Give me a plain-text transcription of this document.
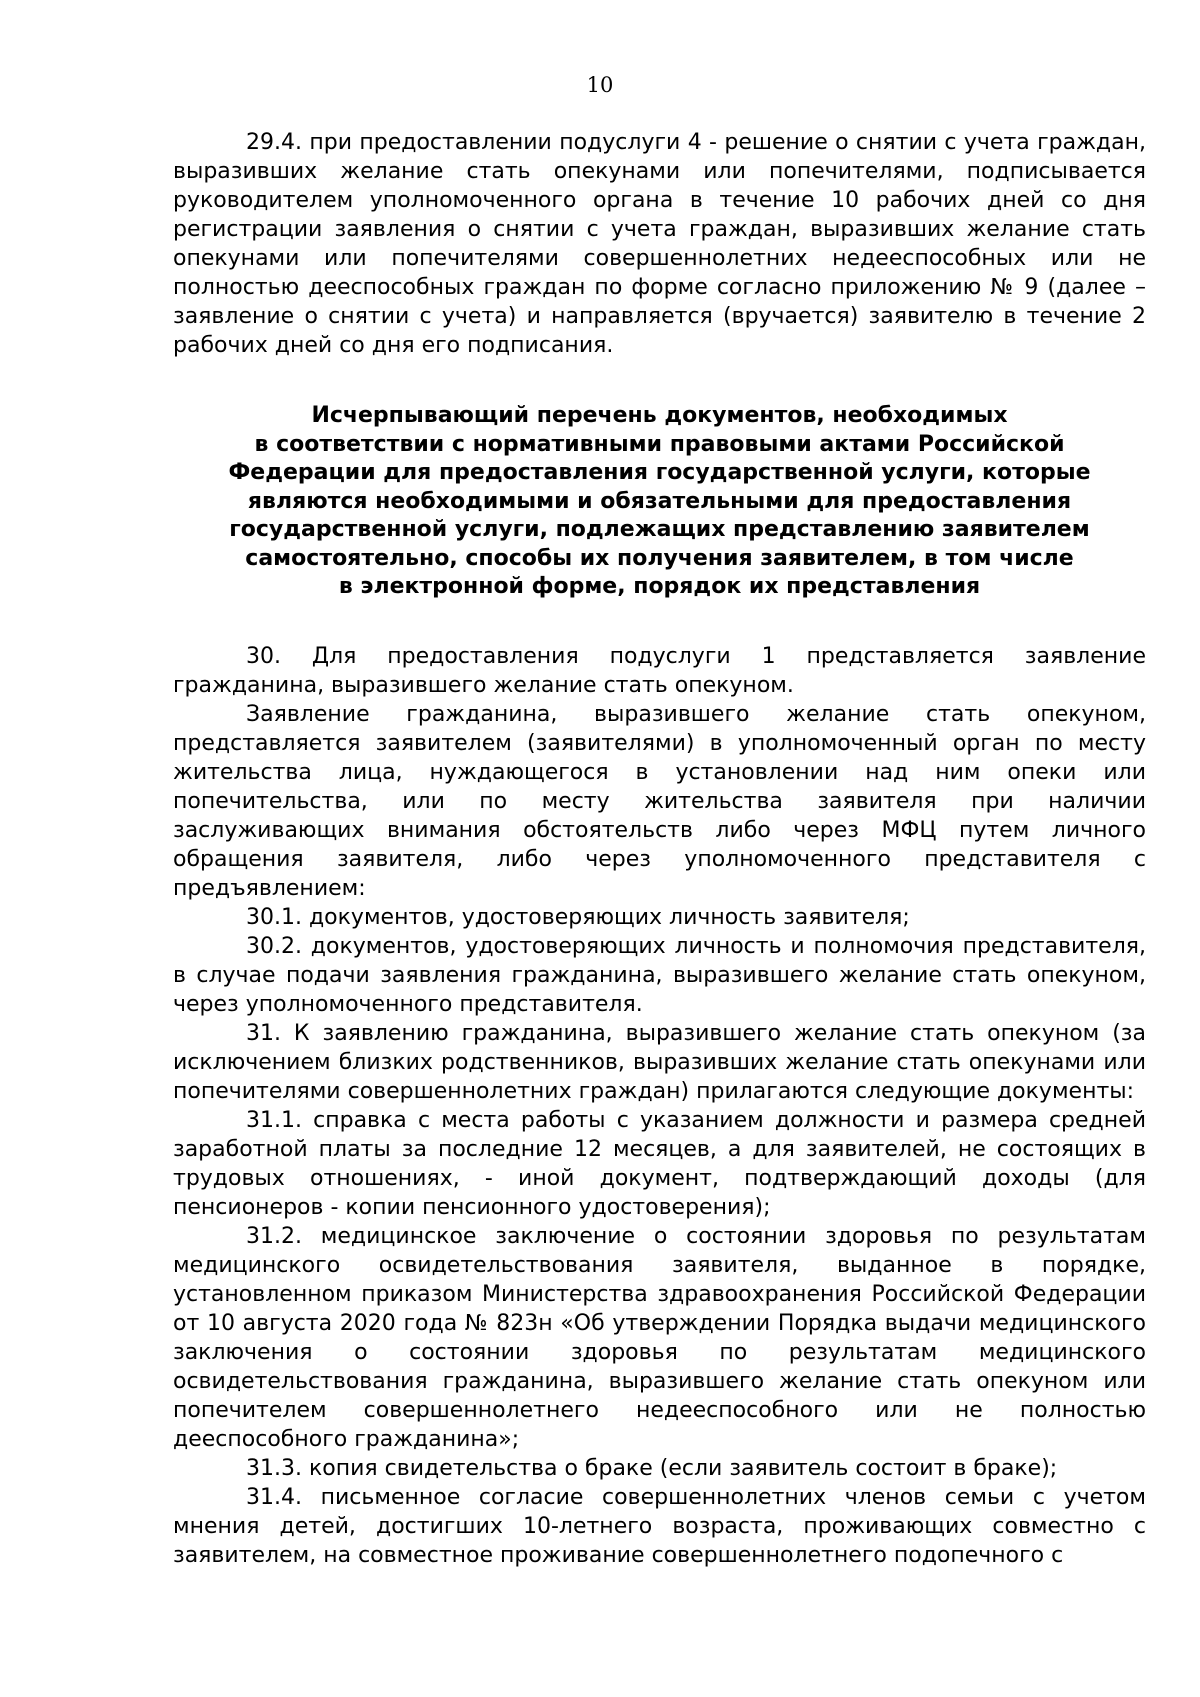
10

29.4. при предоставлении подуслуги 4 - решение о снятии с учета граждан, выразивших желание стать опекунами или попечителями, подписывается руководителем уполномоченного органа в течение 10 рабочих дней со дня регистрации заявления о снятии с учета граждан, выразивших желание стать опекунами или попечителями совершеннолетних недееспособных или не полностью дееспособных граждан по форме согласно приложению № 9 (далее – заявление о снятии с учета) и направляется (вручается) заявителю в течение 2 рабочих дней со дня его подписания.

Исчерпывающий перечень документов, необходимых
в соответствии с нормативными правовыми актами Российской
Федерации для предоставления государственной услуги, которые
являются необходимыми и обязательными для предоставления
государственной услуги, подлежащих представлению заявителем
самостоятельно, способы их получения заявителем, в том числе
в электронной форме, порядок их представления

30. Для предоставления подуслуги 1 представляется заявление гражданина, выразившего желание стать опекуном.

Заявление гражданина, выразившего желание стать опекуном, представляется заявителем (заявителями) в уполномоченный орган по месту жительства лица, нуждающегося в установлении над ним опеки или попечительства, или по месту жительства заявителя при наличии заслуживающих внимания обстоятельств либо через МФЦ путем личного обращения заявителя, либо через уполномоченного представителя с предъявлением:

30.1. документов, удостоверяющих личность заявителя;

30.2. документов, удостоверяющих личность и полномочия представителя, в случае подачи заявления гражданина, выразившего желание стать опекуном, через уполномоченного представителя.

31. К заявлению гражданина, выразившего желание стать опекуном (за исключением близких родственников, выразивших желание стать опекунами или попечителями совершеннолетних граждан) прилагаются следующие документы:

31.1. справка с места работы с указанием должности и размера средней заработной платы за последние 12 месяцев, а для заявителей, не состоящих в трудовых отношениях, - иной документ, подтверждающий доходы (для пенсионеров - копии пенсионного удостоверения);

31.2. медицинское заключение о состоянии здоровья по результатам медицинского освидетельствования заявителя, выданное в порядке, установленном приказом Министерства здравоохранения Российской Федерации от 10 августа 2020 года № 823н «Об утверждении Порядка выдачи медицинского заключения о состоянии здоровья по результатам медицинского освидетельствования гражданина, выразившего желание стать опекуном или попечителем совершеннолетнего недееспособного или не полностью дееспособного гражданина»;

31.3. копия свидетельства о браке (если заявитель состоит в браке);

31.4. письменное согласие совершеннолетних членов семьи с учетом мнения детей, достигших 10-летнего возраста, проживающих совместно с заявителем, на совместное проживание совершеннолетнего подопечного с
